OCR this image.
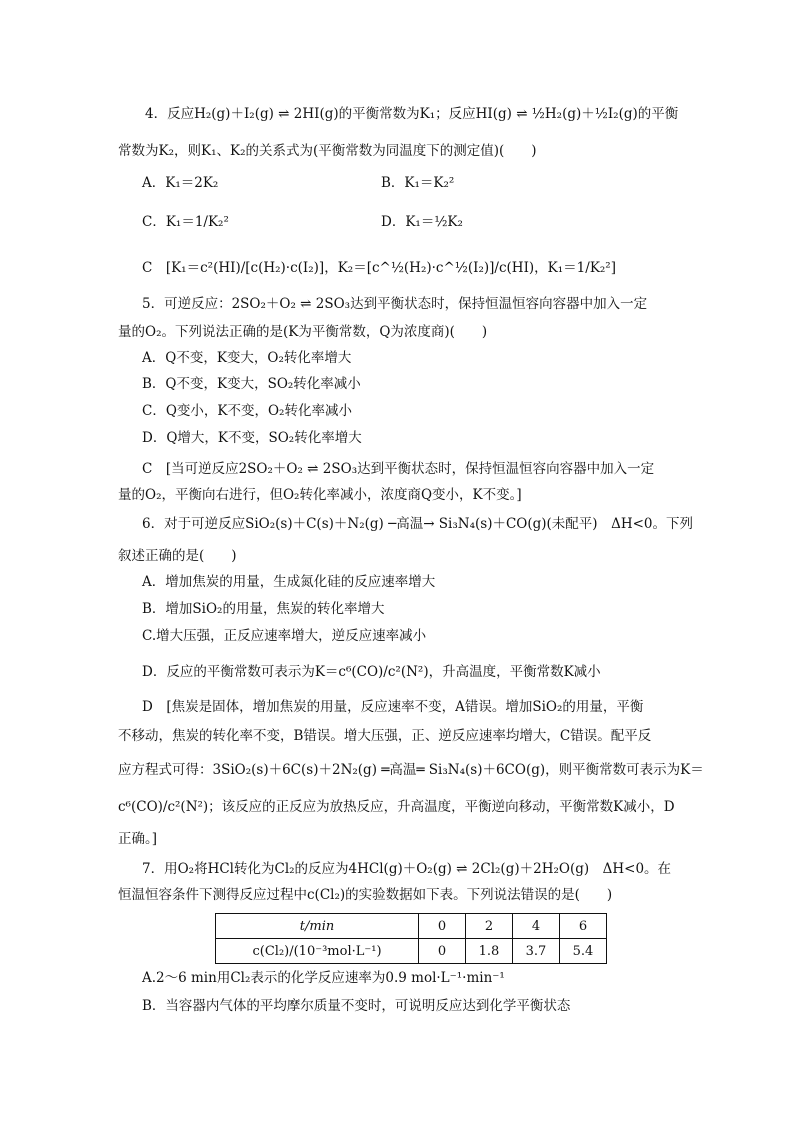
4．反应H₂(g)＋I₂(g) ⇌ 2HI(g)的平衡常数为K₁；反应HI(g) ⇌ ½H₂(g)＋½I₂(g)的平衡
常数为K₂，则K₁、K₂的关系式为(平衡常数为同温度下的测定值)(　　)
A．K₁＝2K₂	B．K₁＝K₂²
C．K₁＝1/K₂²	D．K₁＝½K₂
C　[K₁＝c²(HI)/[c(H₂)·c(I₂)]，K₂＝[c^½(H₂)·c^½(I₂)]/c(HI)，K₁＝1/K₂²]
5．可逆反应：2SO₂＋O₂ ⇌ 2SO₃达到平衡状态时，保持恒温恒容向容器中加入一定
量的O₂。下列说法正确的是(K为平衡常数，Q为浓度商)(　　)
A．Q不变，K变大，O₂转化率增大
B．Q不变，K变大，SO₂转化率减小
C．Q变小，K不变，O₂转化率减小
D．Q增大，K不变，SO₂转化率增大
C　[当可逆反应2SO₂＋O₂ ⇌ 2SO₃达到平衡状态时，保持恒温恒容向容器中加入一定
量的O₂，平衡向右进行，但O₂转化率减小，浓度商Q变小，K不变。]
6．对于可逆反应SiO₂(s)＋C(s)＋N₂(g) ─高温→ Si₃N₄(s)＋CO(g)(未配平)　ΔH<0。下列
叙述正确的是(　　)
A．增加焦炭的用量，生成氮化硅的反应速率增大
B．增加SiO₂的用量，焦炭的转化率增大
C.增大压强，正反应速率增大，逆反应速率减小
D．反应的平衡常数可表示为K＝c⁶(CO)/c²(N²)，升高温度，平衡常数K减小
D　[焦炭是固体，增加焦炭的用量，反应速率不变，A错误。增加SiO₂的用量，平衡
不移动，焦炭的转化率不变，B错误。增大压强，正、逆反应速率均增大，C错误。配平反
应方程式可得：3SiO₂(s)＋6C(s)＋2N₂(g) ═高温═ Si₃N₄(s)＋6CO(g)，则平衡常数可表示为K＝
c⁶(CO)/c²(N²)；该反应的正反应为放热反应，升高温度，平衡逆向移动，平衡常数K减小，D
正确。]
7．用O₂将HCl转化为Cl₂的反应为4HCl(g)＋O₂(g) ⇌ 2Cl₂(g)＋2H₂O(g)　ΔH<0。在
恒温恒容条件下测得反应过程中c(Cl₂)的实验数据如下表。下列说法错误的是(　　)
t/min	0	2	4	6
c(Cl₂)/(10⁻³mol·L⁻¹)	0	1.8	3.7	5.4
A.2～6 min用Cl₂表示的化学反应速率为0.9 mol·L⁻¹·min⁻¹
B．当容器内气体的平均摩尔质量不变时，可说明反应达到化学平衡状态
